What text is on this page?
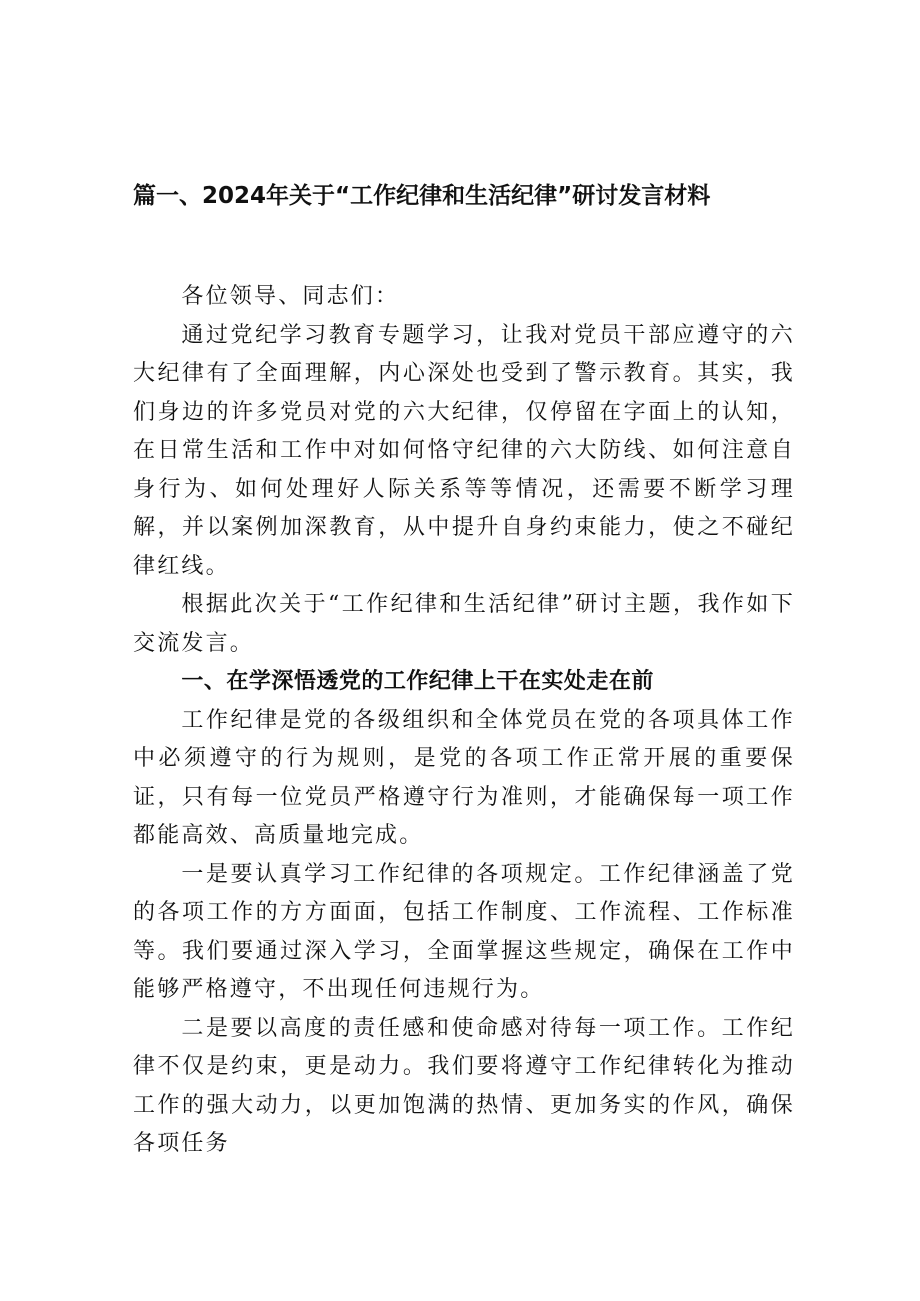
篇一、2024年关于“工作纪律和生活纪律”研讨发言材料

各位领导、同志们：

通过党纪学习教育专题学习，让我对党员干部应遵守的六大纪律有了全面理解，内心深处也受到了警示教育。其实，我们身边的许多党员对党的六大纪律，仅停留在字面上的认知，在日常生活和工作中对如何恪守纪律的六大防线、如何注意自身行为、如何处理好人际关系等等情况，还需要不断学习理解，并以案例加深教育，从中提升自身约束能力，使之不碰纪律红线。

根据此次关于“工作纪律和生活纪律”研讨主题，我作如下交流发言。

一、在学深悟透党的工作纪律上干在实处走在前

工作纪律是党的各级组织和全体党员在党的各项具体工作中必须遵守的行为规则，是党的各项工作正常开展的重要保证，只有每一位党员严格遵守行为准则，才能确保每一项工作都能高效、高质量地完成。

一是要认真学习工作纪律的各项规定。工作纪律涵盖了党的各项工作的方方面面，包括工作制度、工作流程、工作标准等。我们要通过深入学习，全面掌握这些规定，确保在工作中能够严格遵守，不出现任何违规行为。

二是要以高度的责任感和使命感对待每一项工作。工作纪律不仅是约束，更是动力。我们要将遵守工作纪律转化为推动工作的强大动力，以更加饱满的热情、更加务实的作风，确保各项任务
